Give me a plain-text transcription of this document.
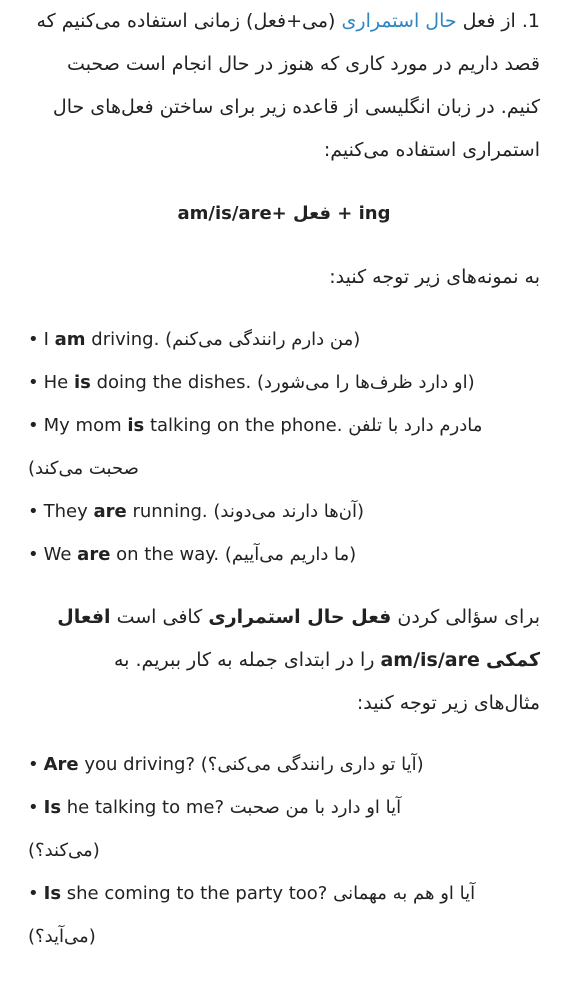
1. از فعل حال استمراری (می+فعل) زمانی استفاده می‌کنیم که قصد داریم در مورد کاری که هنوز در حال انجام است صحبت کنیم. در زبان انگلیسی از قاعده زیر برای ساختن فعل‌های حال استمراری استفاده می‌کنیم:
am/is/are+ فعل + ing
به نمونه‌های زیر توجه کنید:
• I am driving. (من دارم رانندگی می‌کنم)
• He is doing the dishes. (او دارد ظرف‌ها را می‌شورد)
• My mom is talking on the phone. مادرم دارد با تلفن
(صحبت می‌کند
• They are running. (آن‌ها دارند می‌دوند)
• We are on the way. (ما داریم می‌آییم)
برای سؤالی کردن فعل حال استمراری کافی است افعال کمکی am/is/are را در ابتدای جمله به کار ببریم. به مثال‌های زیر توجه کنید:
• Are you driving? (آیا تو داری رانندگی می‌کنی؟)
• Is he talking to me? آیا او دارد با من صحبت
(می‌کند؟)
• Is she coming to the party too? آیا او هم به مهمانی
(می‌آید؟)
